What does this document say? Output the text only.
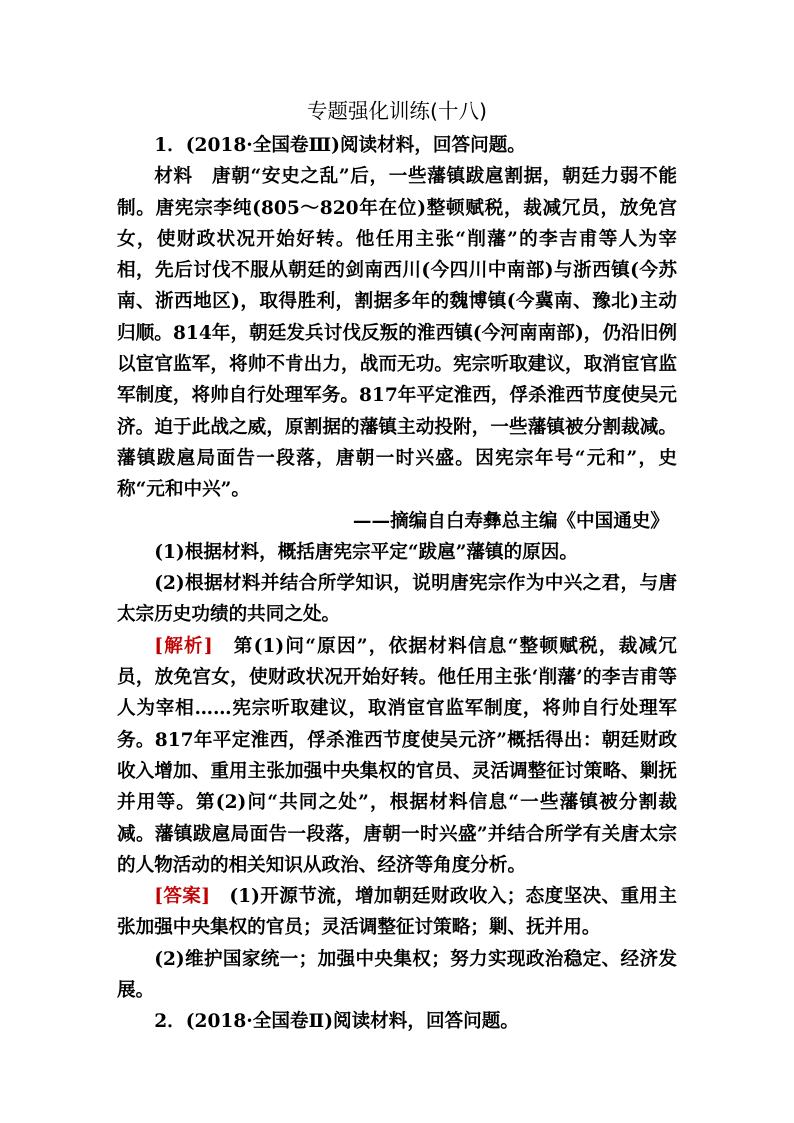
专题强化训练(十八)

1．(2018·全国卷Ⅲ)阅读材料，回答问题。

材料　唐朝“安史之乱”后，一些藩镇跋扈割据，朝廷力弱不能制。唐宪宗李纯(805～820年在位)整顿赋税，裁减冗员，放免宫女，使财政状况开始好转。他任用主张“削藩”的李吉甫等人为宰相，先后讨伐不服从朝廷的剑南西川(今四川中南部)与浙西镇(今苏南、浙西地区)，取得胜利，割据多年的魏博镇(今冀南、豫北)主动归顺。814年，朝廷发兵讨伐反叛的淮西镇(今河南南部)，仍沿旧例以宦官监军，将帅不肯出力，战而无功。宪宗听取建议，取消宦官监军制度，将帅自行处理军务。817年平定淮西，俘杀淮西节度使吴元济。迫于此战之威，原割据的藩镇主动投附，一些藩镇被分割裁减。藩镇跋扈局面告一段落，唐朝一时兴盛。因宪宗年号“元和”，史称“元和中兴”。

——摘编自白寿彝总主编《中国通史》

(1)根据材料，概括唐宪宗平定“跋扈”藩镇的原因。

(2)根据材料并结合所学知识，说明唐宪宗作为中兴之君，与唐太宗历史功绩的共同之处。

[解析]　第(1)问“原因”，依据材料信息“整顿赋税，裁减冗员，放免宫女，使财政状况开始好转。他任用主张‘削藩’的李吉甫等人为宰相……宪宗听取建议，取消宦官监军制度，将帅自行处理军务。817年平定淮西，俘杀淮西节度使吴元济”概括得出：朝廷财政收入增加、重用主张加强中央集权的官员、灵活调整征讨策略、剿抚并用等。第(2)问“共同之处”，根据材料信息“一些藩镇被分割裁减。藩镇跋扈局面告一段落，唐朝一时兴盛”并结合所学有关唐太宗的人物活动的相关知识从政治、经济等角度分析。

[答案]　(1)开源节流，增加朝廷财政收入；态度坚决、重用主张加强中央集权的官员；灵活调整征讨策略；剿、抚并用。

(2)维护国家统一；加强中央集权；努力实现政治稳定、经济发展。

2．(2018·全国卷Ⅱ)阅读材料，回答问题。
